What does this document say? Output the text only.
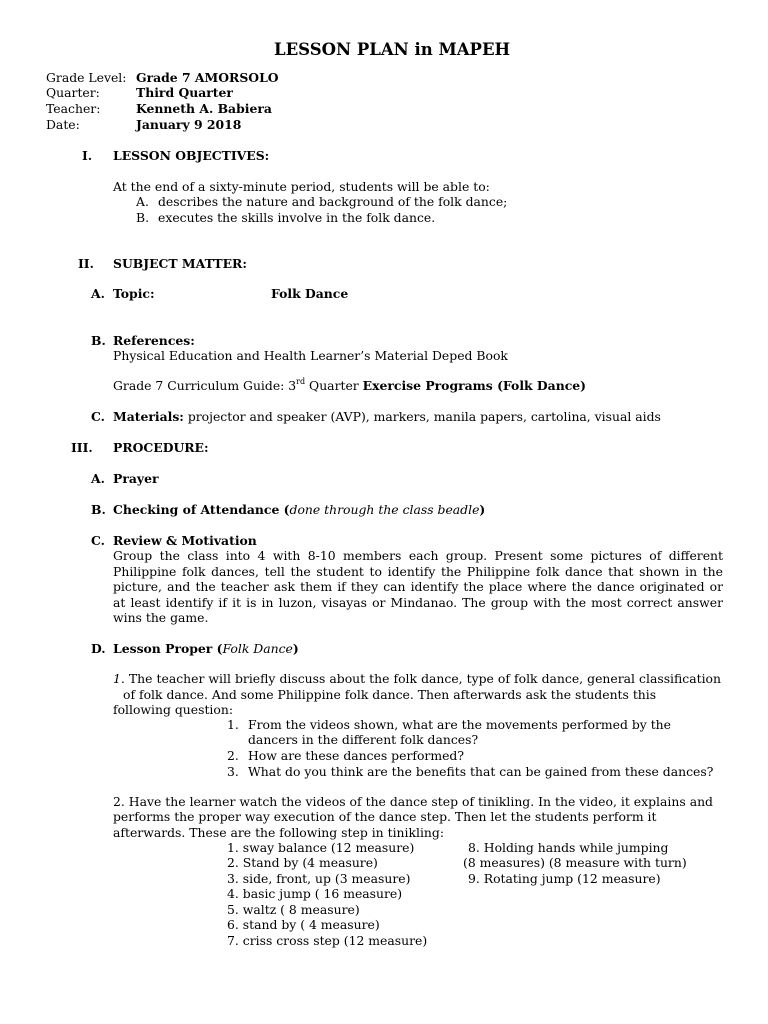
LESSON PLAN in MAPEH
Grade Level: Grade 7 AMORSOLO
Quarter:	Third Quarter
Teacher:	Kenneth A. Babiera
Date:	January 9 2018
I. LESSON OBJECTIVES:
At the end of a sixty-minute period, students will be able to:
A. describes the nature and background of the folk dance;
B. executes the skills involve in the folk dance.
II. SUBJECT MATTER:
A. Topic:	Folk Dance
B. References:
Physical Education and Health Learner’s Material Deped Book
Grade 7 Curriculum Guide: 3rd Quarter Exercise Programs (Folk Dance)
C. Materials: projector and speaker (AVP), markers, manila papers, cartolina, visual aids
III. PROCEDURE:
A. Prayer
B. Checking of Attendance (done through the class beadle)
C. Review & Motivation
Group the class into 4 with 8-10 members each group. Present some pictures of different
Philippine folk dances, tell the student to identify the Philippine folk dance that shown in the
picture, and the teacher ask them if they can identify the place where the dance originated or
at least identify if it is in luzon, visayas or Mindanao. The group with the most correct answer
wins the game.
D. Lesson Proper (Folk Dance)
1. The teacher will briefly discuss about the folk dance, type of folk dance, general classification
of folk dance. And some Philippine folk dance. Then afterwards ask the students this
following question:
1. From the videos shown, what are the movements performed by the
dancers in the different folk dances?
2. How are these dances performed?
3. What do you think are the benefits that can be gained from these dances?
2. Have the learner watch the videos of the dance step of tinikling. In the video, it explains and
performs the proper way execution of the dance step. Then let the students perform it
afterwards. These are the following step in tinikling:
1. sway balance (12 measure)
2. Stand by (4 measure)
3. side, front, up (3 measure)
4. basic jump ( 16 measure)
5. waltz ( 8 measure)
6. stand by ( 4 measure)
7. criss cross step (12 measure)
8. Holding hands while jumping
(8 measures) (8 measure with turn)
9. Rotating jump (12 measure)
